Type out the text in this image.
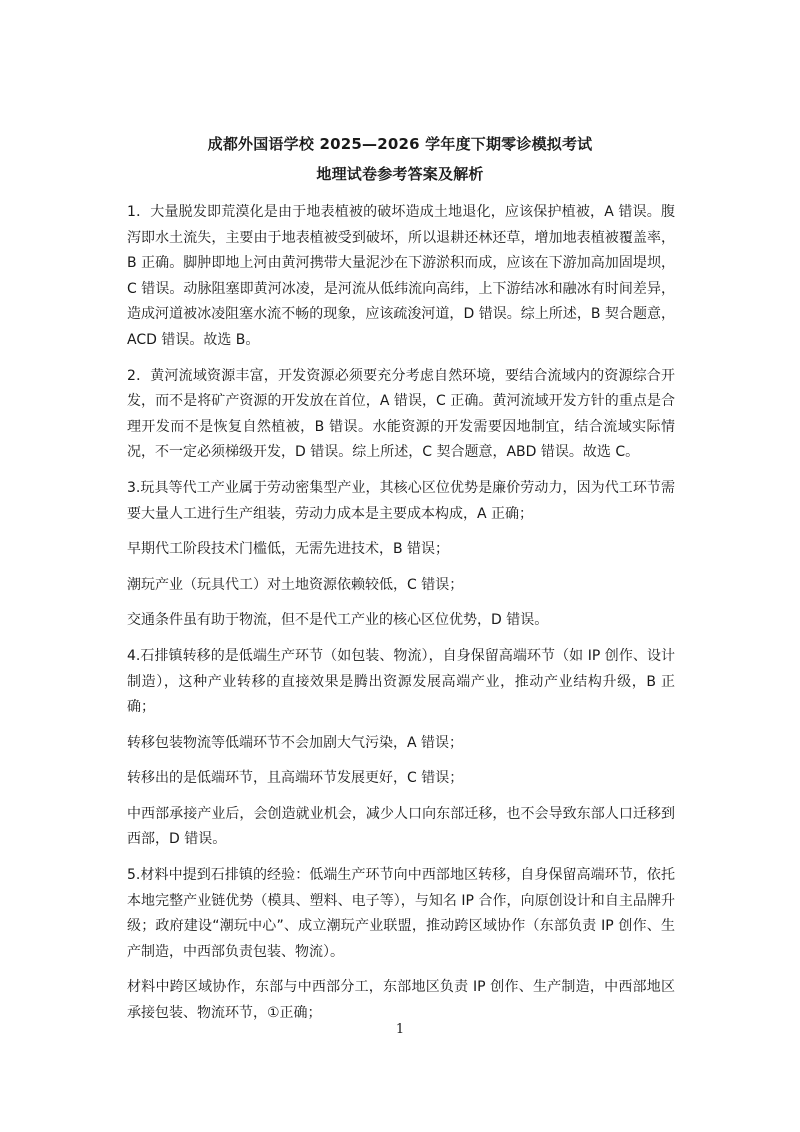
成都外国语学校 2025—2026 学年度下期零诊模拟考试
地理试卷参考答案及解析

1．大量脱发即荒漠化是由于地表植被的破坏造成土地退化，应该保护植被，A 错误。腹泻即水土流失，主要由于地表植被受到破坏，所以退耕还林还草，增加地表植被覆盖率，B 正确。脚肿即地上河由黄河携带大量泥沙在下游淤积而成，应该在下游加高加固堤坝，C 错误。动脉阻塞即黄河冰凌，是河流从低纬流向高纬，上下游结冰和融冰有时间差异，造成河道被冰凌阻塞水流不畅的现象，应该疏浚河道，D 错误。综上所述，B 契合题意，ACD 错误。故选 B。

2．黄河流域资源丰富，开发资源必须要充分考虑自然环境，要结合流域内的资源综合开发，而不是将矿产资源的开发放在首位，A 错误，C 正确。黄河流域开发方针的重点是合理开发而不是恢复自然植被，B 错误。水能资源的开发需要因地制宜，结合流域实际情况，不一定必须梯级开发，D 错误。综上所述，C 契合题意，ABD 错误。故选 C。

3.玩具等代工产业属于劳动密集型产业，其核心区位优势是廉价劳动力，因为代工环节需要大量人工进行生产组装，劳动力成本是主要成本构成，A 正确；

早期代工阶段技术门槛低，无需先进技术，B 错误；

潮玩产业（玩具代工）对土地资源依赖较低，C 错误；

交通条件虽有助于物流，但不是代工产业的核心区位优势，D 错误。

4.石排镇转移的是低端生产环节（如包装、物流），自身保留高端环节（如 IP 创作、设计制造），这种产业转移的直接效果是腾出资源发展高端产业，推动产业结构升级，B 正确；

转移包装物流等低端环节不会加剧大气污染，A 错误；

转移出的是低端环节，且高端环节发展更好，C 错误；

中西部承接产业后，会创造就业机会，减少人口向东部迁移，也不会导致东部人口迁移到西部，D 错误。

5.材料中提到石排镇的经验：低端生产环节向中西部地区转移，自身保留高端环节，依托本地完整产业链优势（模具、塑料、电子等），与知名 IP 合作，向原创设计和自主品牌升级；政府建设“潮玩中心”、成立潮玩产业联盟，推动跨区域协作（东部负责 IP 创作、生产制造，中西部负责包装、物流）。

材料中跨区域协作，东部与中西部分工，东部地区负责 IP 创作、生产制造，中西部地区承接包装、物流环节，①正确；

1
